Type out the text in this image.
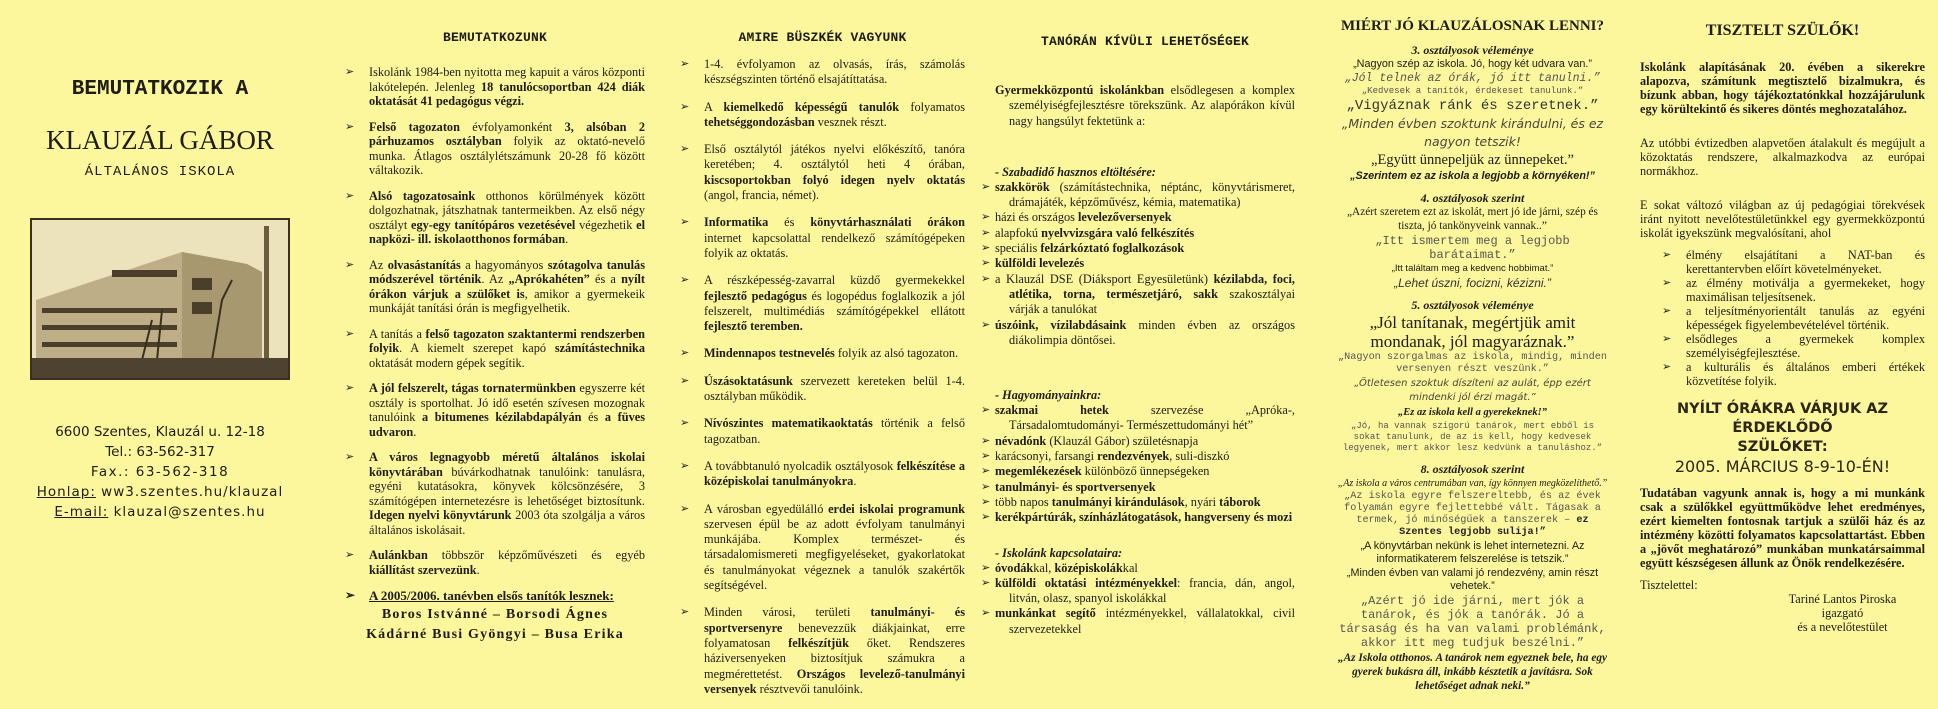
BEMUTATKOZIK A
KLAUZÁL GÁBOR
ÁLTALÁNOS ISKOLA
6600 Szentes, Klauzál u. 12-18
Tel.: 63-562-317
Fax.: 63-562-318
Honlap: ww3.szentes.hu/klauzal
E-mail: klauzal@szentes.hu
BEMUTATKOZUNK
➢ Iskolánk 1984-ben nyitotta meg kapuit a város központi lakótelepén. Jelenleg 18 tanulócsoportban 424 diák oktatását 41 pedagógus végzi.
➢ Felső tagozaton évfolyamonként 3, alsóban 2 párhuzamos osztályban folyik az oktató-nevelő munka. Átlagos osztálylétszámunk 20-28 fő között váltakozik.
➢ Alsó tagozatosaink otthonos körülmények között dolgozhatnak, játszhatnak tantermeikben. Az első négy osztályt egy-egy tanítópáros vezetésével végezhetik el napközi- ill. iskolaotthonos formában.
➢ Az olvasástanítás a hagyományos szótagolva tanulás módszerével történik. Az „Aprókahéten” és a nyílt órákon várjuk a szülőket is, amikor a gyermekeik munkáját tanítási órán is megfigyelhetik.
➢ A tanítás a felső tagozaton szaktantermi rendszerben folyik. A kiemelt szerepet kapó számítástechnika oktatását modern gépek segítik.
➢ A jól felszerelt, tágas tornatermünkben egyszerre két osztály is sportolhat. Jó idő esetén szívesen mozognak tanulóink a bitumenes kézilabdapályán és a füves udvaron.
➢ A város legnagyobb méretű általános iskolai könyvtárában búvárkodhatnak tanulóink: tanulásra, egyéni kutatásokra, könyvek kölcsönzésére, 3 számítógépen internetezésre is lehetőséget biztosítunk. Idegen nyelvi könyvtárunk 2003 óta szolgálja a város általános iskolásait.
➢ Aulánkban többször képzőművészeti és egyéb kiállítást szervezünk.
➢ A 2005/2006. tanévben elsős tanítók lesznek:
Boros Istvánné – Borsodi Ágnes
Kádárné Busi Gyöngyi – Busa Erika
AMIRE BÜSZKÉK VAGYUNK
➢ 1-4. évfolyamon az olvasás, írás, számolás készségszinten történő elsajátíttatása.
➢ A kiemelkedő képességű tanulók folyamatos tehetséggondozásban vesznek részt.
➢ Első osztálytól játékos nyelvi előkészítő, tanóra keretében; 4. osztálytól heti 4 órában, kiscsoportokban folyó idegen nyelv oktatás (angol, francia, német).
➢ Informatika és könyvtárhasználati órákon internet kapcsolattal rendelkező számítógépeken folyik az oktatás.
➢ A részképesség-zavarral küzdő gyermekekkel fejlesztő pedagógus és logopédus foglalkozik a jól felszerelt, multimédiás számítógépekkel ellátott fejlesztő teremben.
➢ Mindennapos testnevelés folyik az alsó tagozaton.
➢ Úszásoktatásunk szervezett kereteken belül 1-4. osztályban működik.
➢ Nívószintes matematikaoktatás történik a felső tagozatban.
➢ A továbbtanuló nyolcadik osztályosok felkészítése a középiskolai tanulmányokra.
➢ A városban egyedülálló erdei iskolai programunk szervesen épül be az adott évfolyam tanulmányi munkájába. Komplex természet- és társadalomismereti megfigyeléseket, gyakorlatokat és tanulmányokat végeznek a tanulók szakértők segítségével.
➢ Minden városi, területi tanulmányi- és sportversenyre benevezzük diákjainkat, erre folyamatosan felkészítjük őket. Rendszeres háziversenyeken biztosítjuk számukra a megmérettetést. Országos levelező-tanulmányi versenyek résztvevői tanulóink.
TANÓRÁN KÍVÜLI LEHETŐSÉGEK
Gyermekközpontú iskolánkban elsődlegesen a komplex személyiségfejlesztésre törekszünk. Az alapórákon kívül nagy hangsúlyt fektetünk a:
- Szabadidő hasznos eltöltésére:
➢ szakkörök (számítástechnika, néptánc, könyvtárismeret, drámajáték, képzőművész, kémia, matematika)
➢ házi és országos levelezőversenyek
➢ alapfokú nyelvvizsgára való felkészítés
➢ speciális felzárkóztató foglalkozások
➢ külföldi levelezés
➢ a Klauzál DSE (Diáksport Egyesületünk) kézilabda, foci, atlétika, torna, természetjáró, sakk szakosztályai várják a tanulókat
➢ úszóink, vízilabdásaink minden évben az országos diákolimpia döntősei.
- Hagyományainkra:
➢ szakmai hetek szervezése „Apróka-, Társadalomtudományi- Természettudományi hét”
➢ névadónk (Klauzál Gábor) születésnapja
➢ karácsonyi, farsangi rendezvények, suli-diszkó
➢ megemlékezések különböző ünnepségeken
➢ tanulmányi- és sportversenyek
➢ több napos tanulmányi kirándulások, nyári táborok
➢ kerékpártúrák, színházlátogatások, hangverseny és mozi
- Iskolánk kapcsolataira:
➢ óvodákkal, középiskolákkal
➢ külföldi oktatási intézményekkel: francia, dán, angol, litván, olasz, spanyol iskolákkal
➢ munkánkat segítő intézményekkel, vállalatokkal, civil szervezetekkel
MIÉRT JÓ KLAUZÁLOSNAK LENNI?
3. osztályosok véleménye
„Nagyon szép az iskola. Jó, hogy két udvara van.”
„Jól telnek az órák, jó itt tanulni.”
„Kedvesek a tanítók, érdekeset tanulunk.”
„Vigyáznak ránk és szeretnek.”
„Minden évben szoktunk kirándulni, és ez nagyon tetszik!
„Együtt ünnepeljük az ünnepeket.”
„Szerintem ez az iskola a legjobb a környéken!”
4. osztályosok szerint
„Azért szeretem ezt az iskolát, mert jó ide járni, szép és tiszta, jó tankönyveink vannak..”
„Itt ismertem meg a legjobb barátaimat.”
„Itt találtam meg a kedvenc hobbimat.”
„Lehet úszni, focizni, kézizni.”
5. osztályosok véleménye
„Jól tanítanak, megértjük amit mondanak, jól magyaráznak.”
„Nagyon szorgalmas az iskola, mindig, minden versenyen részt veszünk.”
„Ötletesen szoktuk díszíteni az aulát, épp ezért mindenki jól érzi magát.”
„Ez az iskola kell a gyerekeknek!”
„Jó, ha vannak szigorú tanárok, mert ebből is sokat tanulunk, de az is kell, hogy kedvesek legyenek, mert akkor lesz kedvünk a tanuláshoz.”
8. osztályosok szerint
„Az iskola a város centrumában van, így könnyen megközelíthető.”
„Az iskola egyre felszereltebb, és az évek folyamán egyre fejlettebbé vált. Tágasak a termek, jó minőségűek a tanszerek – ez Szentes legjobb sulija!”
„A könyvtárban nekünk is lehet internetezni. Az informatikaterem felszerelése is tetszik.”
„Minden évben van valami jó rendezvény, amin részt vehetek.”
„Azért jó ide járni, mert jók a tanárok, és jók a tanórák. Jó a társaság és ha van valami problémánk, akkor itt meg tudjuk beszélni.”
„Az Iskola otthonos. A tanárok nem egyeznek bele, ha egy gyerek bukásra áll, inkább késztetik a javításra. Sok lehetőséget adnak neki.”
TISZTELT SZÜLŐK!

Iskolánk alapításának 20. évében a sikerekre alapozva, számítunk megtisztelő bizalmukra, és bízunk abban, hogy tájékoztatónkkal hozzájárulunk egy körültekintő és sikeres döntés meghozatalához.

Az utóbbi évtizedben alapvetően átalakult és megújult a közoktatás rendszere, alkalmazkodva az európai normákhoz.

E sokat változó világban az új pedagógiai törekvések iránt nyitott nevelőtestületünkkel egy gyermekközpontú iskolát igyekszünk megvalósítani, ahol

➢ élmény elsajátítani a NAT-ban és kerettantervben előírt követelményeket.
➢ az élmény motiválja a gyermekeket, hogy maximálisan teljesítsenek.
➢ a teljesítményorientált tanulás az egyéni képességek figyelembevételével történik.
➢ elsődleges a gyermekek komplex személyiségfejlesztése.
➢ a kulturális és általános emberi értékek közvetítése folyik.
NYÍLT ÓRÁKRA VÁRJUK AZ ÉRDEKLŐDŐ
SZÜLŐKET:
2005. MÁRCIUS 8-9-10-ÉN!

Tudatában vagyunk annak is, hogy a mi munkánk csak a szülőkkel együttműködve lehet eredményes, ezért kiemelten fontosnak tartjuk a szülői ház és az intézmény közötti folyamatos kapcsolattartást. Ebben a „jövőt meghatározó” munkában munkatársaimmal együtt készségesen állunk az Önök rendelkezésére.

Tisztelettel:

Tariné Lantos Piroska
igazgató
és a nevelőtestület
